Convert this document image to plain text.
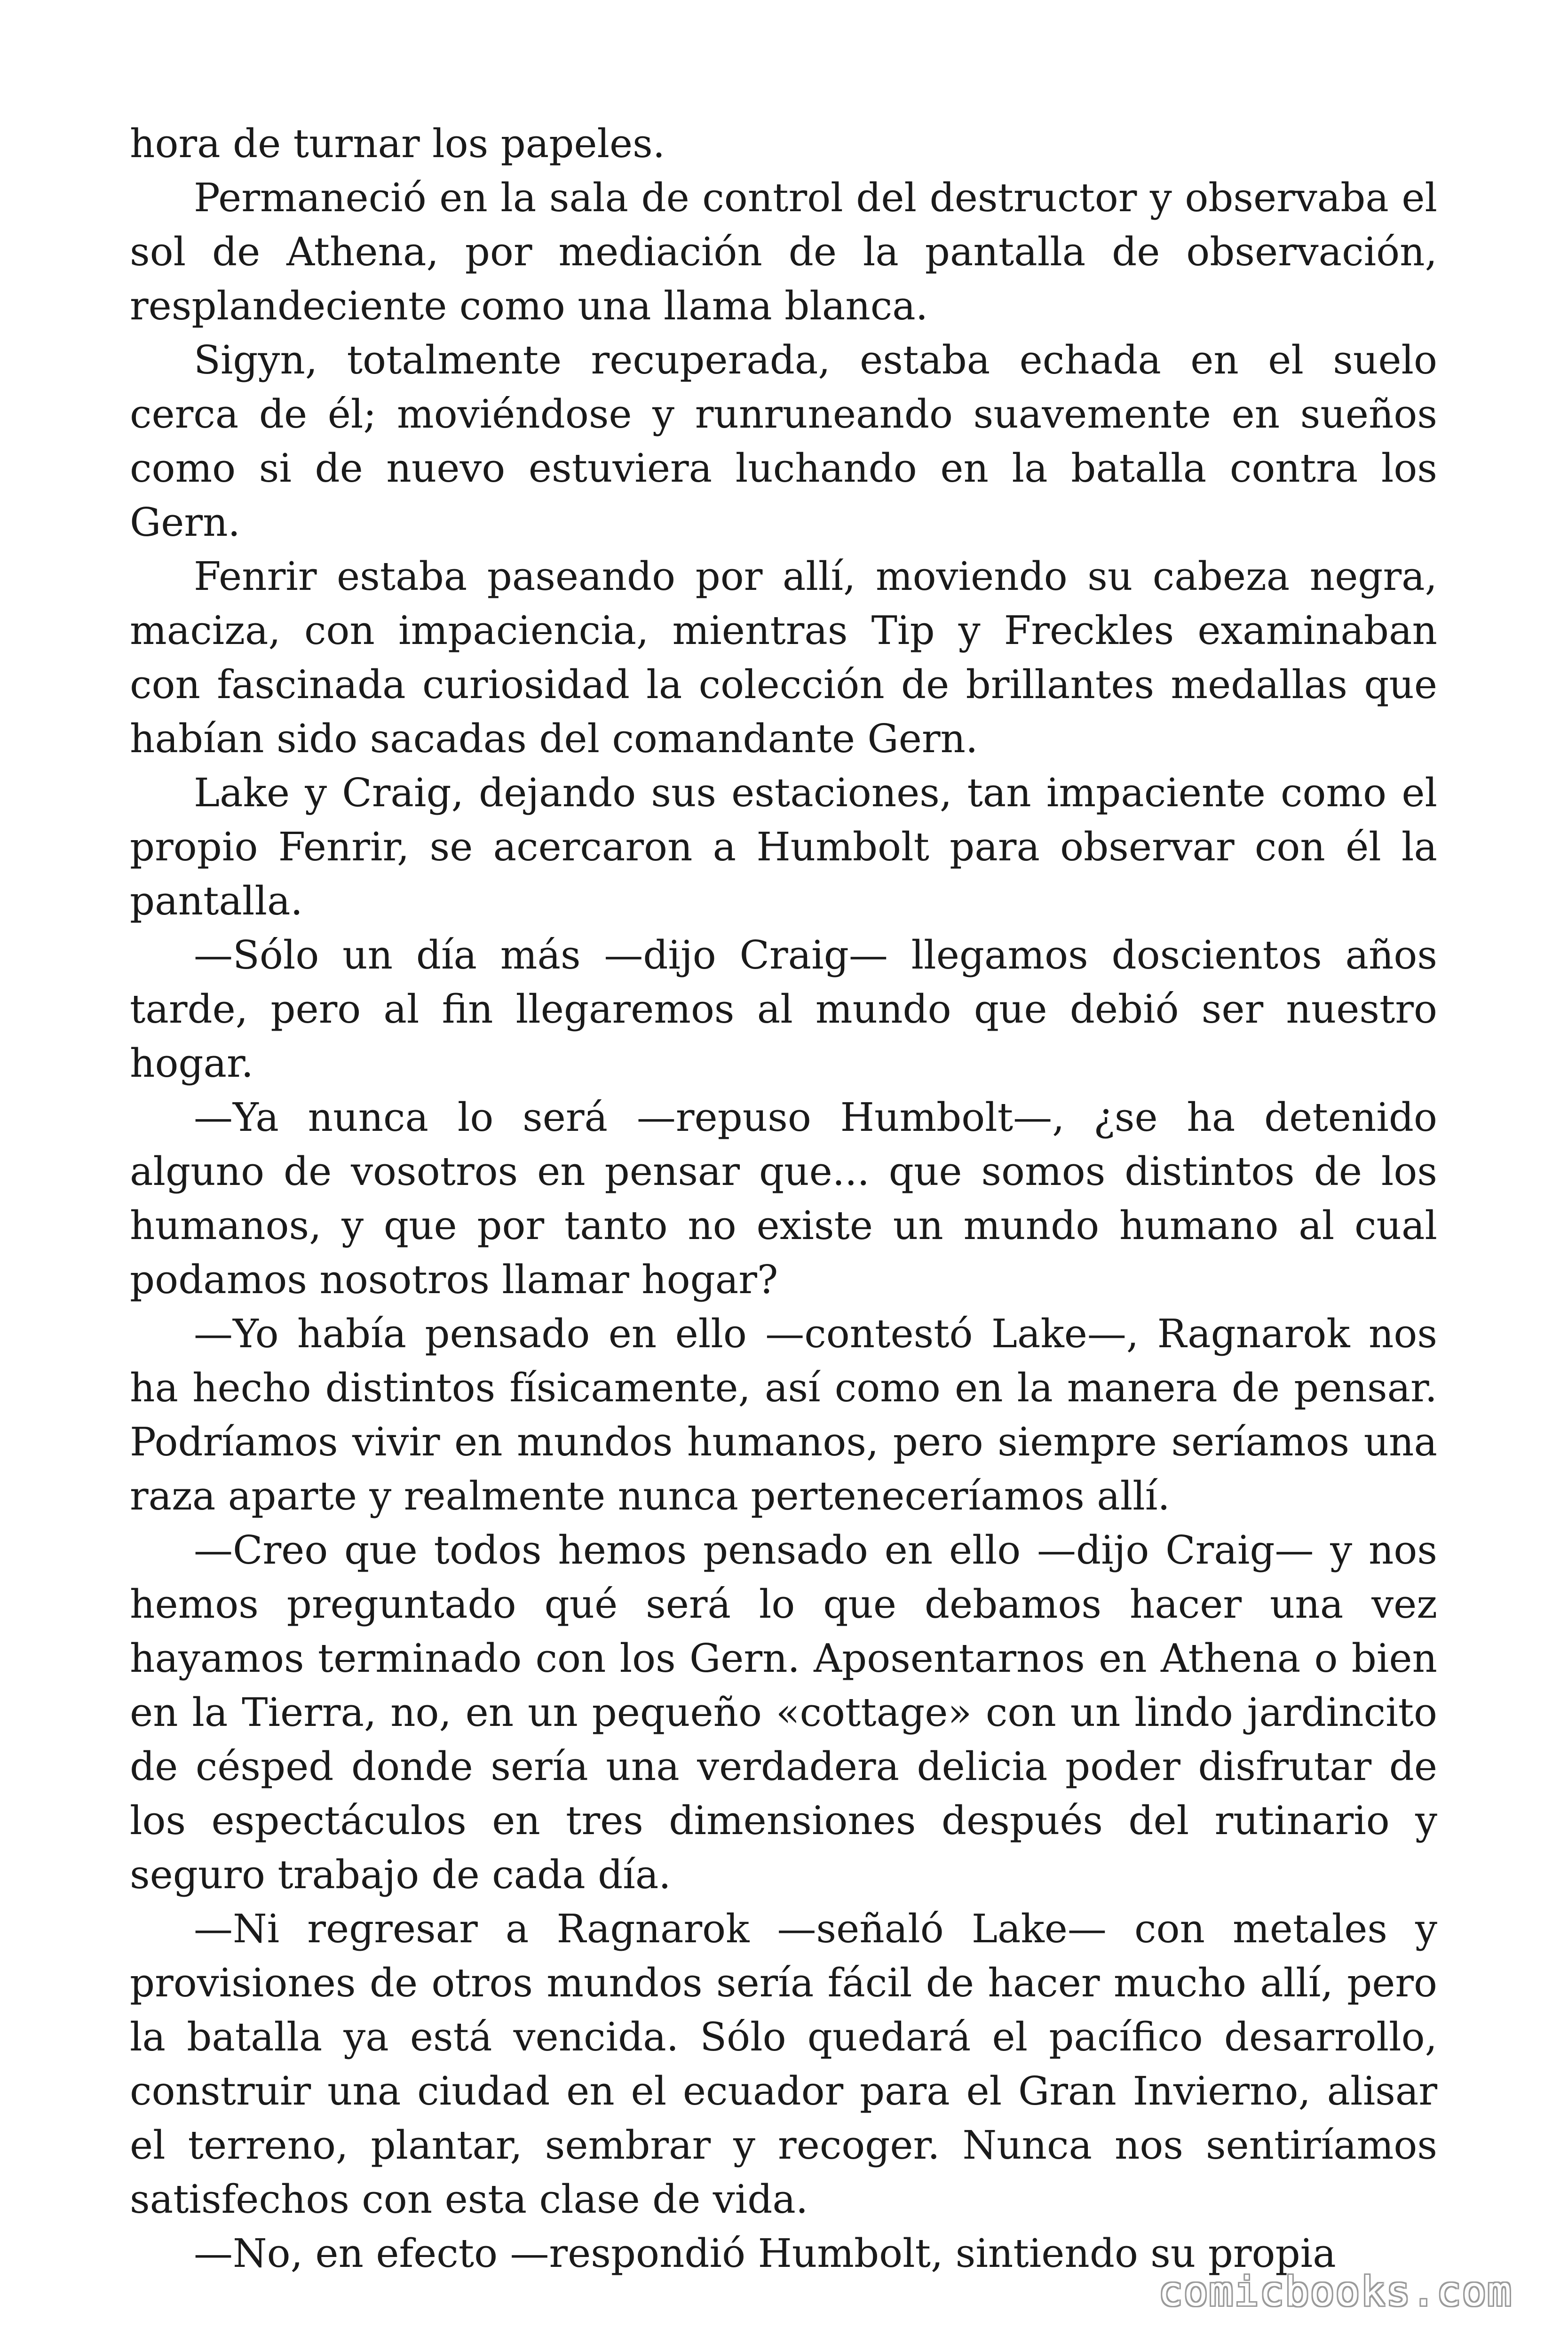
hora de turnar los papeles.

Permaneció en la sala de control del destructor y observaba el sol de Athena, por mediación de la pantalla de observación, resplandeciente como una llama blanca.

Sigyn, totalmente recuperada, estaba echada en el suelo cerca de él; moviéndose y runruneando suavemente en sueños como si de nuevo estuviera luchando en la batalla contra los Gern.

Fenrir estaba paseando por allí, moviendo su cabeza negra, maciza, con impaciencia, mientras Tip y Freckles examinaban con fascinada curiosidad la colección de brillantes medallas que habían sido sacadas del comandante Gern.

Lake y Craig, dejando sus estaciones, tan impaciente como el propio Fenrir, se acercaron a Humbolt para observar con él la pantalla.

—Sólo un día más —dijo Craig— llegamos doscientos años tarde, pero al fin llegaremos al mundo que debió ser nuestro hogar.

—Ya nunca lo será —repuso Humbolt—, ¿se ha detenido alguno de vosotros en pensar que... que somos distintos de los humanos, y que por tanto no existe un mundo humano al cual podamos nosotros llamar hogar?

—Yo había pensado en ello —contestó Lake—, Ragnarok nos ha hecho distintos físicamente, así como en la manera de pensar. Podríamos vivir en mundos humanos, pero siempre seríamos una raza aparte y realmente nunca perteneceríamos allí.

—Creo que todos hemos pensado en ello —dijo Craig— y nos hemos preguntado qué será lo que debamos hacer una vez hayamos terminado con los Gern. Aposentarnos en Athena o bien en la Tierra, no, en un pequeño «cottage» con un lindo jardincito de césped donde sería una verdadera delicia poder disfrutar de los espectáculos en tres dimensiones después del rutinario y seguro trabajo de cada día.

—Ni regresar a Ragnarok —señaló Lake— con metales y provisiones de otros mundos sería fácil de hacer mucho allí, pero la batalla ya está vencida. Sólo quedará el pacífico desarrollo, construir una ciudad en el ecuador para el Gran Invierno, alisar el terreno, plantar, sembrar y recoger. Nunca nos sentiríamos satisfechos con esta clase de vida.

—No, en efecto —respondió Humbolt, sintiendo su propia

comicbooks.com
